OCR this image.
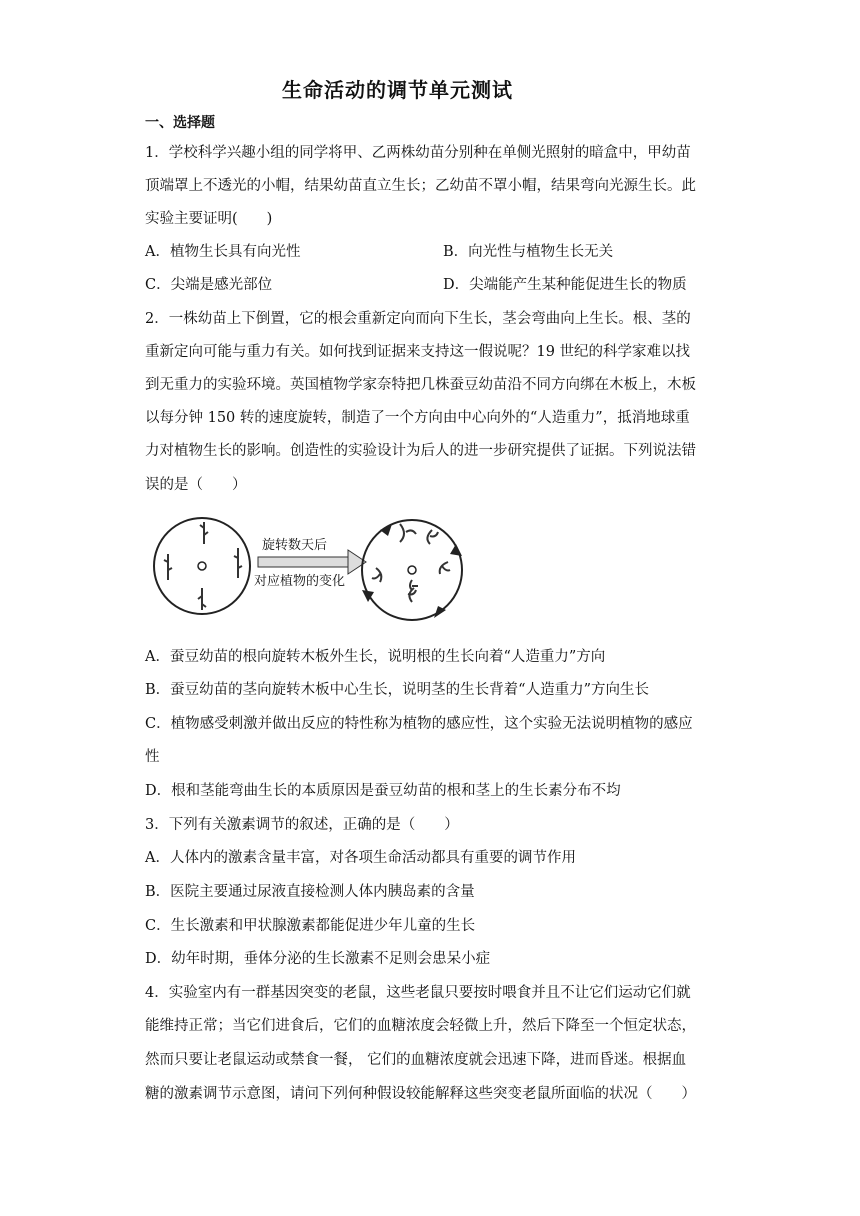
生命活动的调节单元测试
一、选择题
1．学校科学兴趣小组的同学将甲、乙两株幼苗分别种在单侧光照射的暗盒中，甲幼苗
顶端罩上不透光的小帽，结果幼苗直立生长；乙幼苗不罩小帽，结果弯向光源生长。此
实验主要证明(　　)
A．植物生长具有向光性	B．向光性与植物生长无关
C．尖端是感光部位	D．尖端能产生某种能促进生长的物质
2．一株幼苗上下倒置，它的根会重新定向而向下生长，茎会弯曲向上生长。根、茎的
重新定向可能与重力有关。如何找到证据来支持这一假说呢？19 世纪的科学家难以找
到无重力的实验环境。英国植物学家奈特把几株蚕豆幼苗沿不同方向绑在木板上，木板
以每分钟 150 转的速度旋转，制造了一个方向由中心向外的“人造重力”，抵消地球重
力对植物生长的影响。创造性的实验设计为后人的进一步研究提供了证据。下列说法错
误的是（　　）
旋转数天后
对应植物的变化
A．蚕豆幼苗的根向旋转木板外生长，说明根的生长向着“人造重力”方向
B．蚕豆幼苗的茎向旋转木板中心生长，说明茎的生长背着“人造重力”方向生长
C．植物感受刺激并做出反应的特性称为植物的感应性，这个实验无法说明植物的感应
性
D．根和茎能弯曲生长的本质原因是蚕豆幼苗的根和茎上的生长素分布不均
3．下列有关激素调节的叙述，正确的是（　　）
A．人体内的激素含量丰富，对各项生命活动都具有重要的调节作用
B．医院主要通过尿液直接检测人体内胰岛素的含量
C．生长激素和甲状腺激素都能促进少年儿童的生长
D．幼年时期，垂体分泌的生长激素不足则会患呆小症
4．实验室内有一群基因突变的老鼠，这些老鼠只要按时喂食并且不让它们运动它们就
能维持正常；当它们进食后，它们的血糖浓度会轻微上升，然后下降至一个恒定状态，
然而只要让老鼠运动或禁食一餐， 它们的血糖浓度就会迅速下降，进而昏迷。根据血
糖的激素调节示意图，请问下列何种假设较能解释这些突变老鼠所面临的状况（　　）
